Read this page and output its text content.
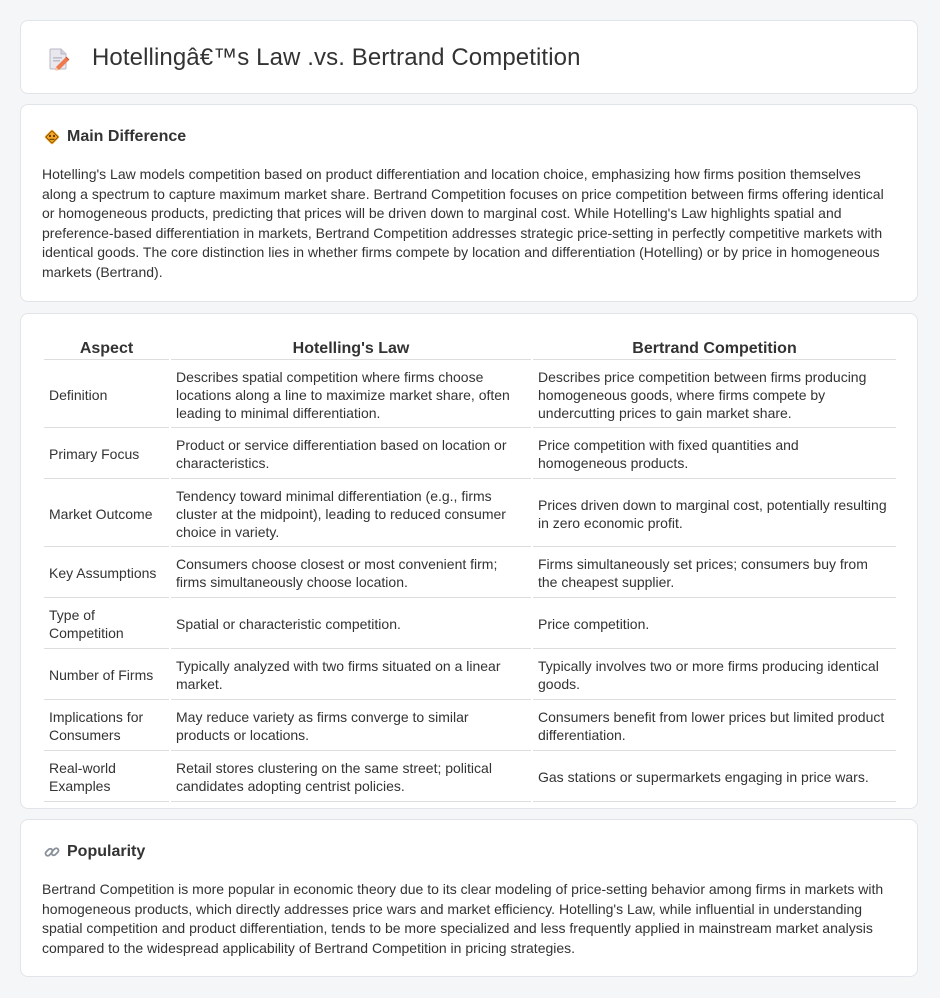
Hotellingâ€™s Law .vs. Bertrand Competition
Main Difference

Hotelling's Law models competition based on product differentiation and location choice, emphasizing how firms position themselves along a spectrum to capture maximum market share. Bertrand Competition focuses on price competition between firms offering identical or homogeneous products, predicting that prices will be driven down to marginal cost. While Hotelling's Law highlights spatial and preference-based differentiation in markets, Bertrand Competition addresses strategic price-setting in perfectly competitive markets with identical goods. The core distinction lies in whether firms compete by location and differentiation (Hotelling) or by price in homogeneous markets (Bertrand).

Aspect	Hotelling's Law	Bertrand Competition
Definition	Describes spatial competition where firms choose locations along a line to maximize market share, often leading to minimal differentiation.	Describes price competition between firms producing homogeneous goods, where firms compete by undercutting prices to gain market share.
Primary Focus	Product or service differentiation based on location or characteristics.	Price competition with fixed quantities and homogeneous products.
Market Outcome	Tendency toward minimal differentiation (e.g., firms cluster at the midpoint), leading to reduced consumer choice in variety.	Prices driven down to marginal cost, potentially resulting in zero economic profit.
Key Assumptions	Consumers choose closest or most convenient firm; firms simultaneously choose location.	Firms simultaneously set prices; consumers buy from the cheapest supplier.
Type of Competition	Spatial or characteristic competition.	Price competition.
Number of Firms	Typically analyzed with two firms situated on a linear market.	Typically involves two or more firms producing identical goods.
Implications for Consumers	May reduce variety as firms converge to similar products or locations.	Consumers benefit from lower prices but limited product differentiation.
Real-world Examples	Retail stores clustering on the same street; political candidates adopting centrist policies.	Gas stations or supermarkets engaging in price wars.
Popularity

Bertrand Competition is more popular in economic theory due to its clear modeling of price-setting behavior among firms in markets with homogeneous products, which directly addresses price wars and market efficiency. Hotelling's Law, while influential in understanding spatial competition and product differentiation, tends to be more specialized and less frequently applied in mainstream market analysis compared to the widespread applicability of Bertrand Competition in pricing strategies.
